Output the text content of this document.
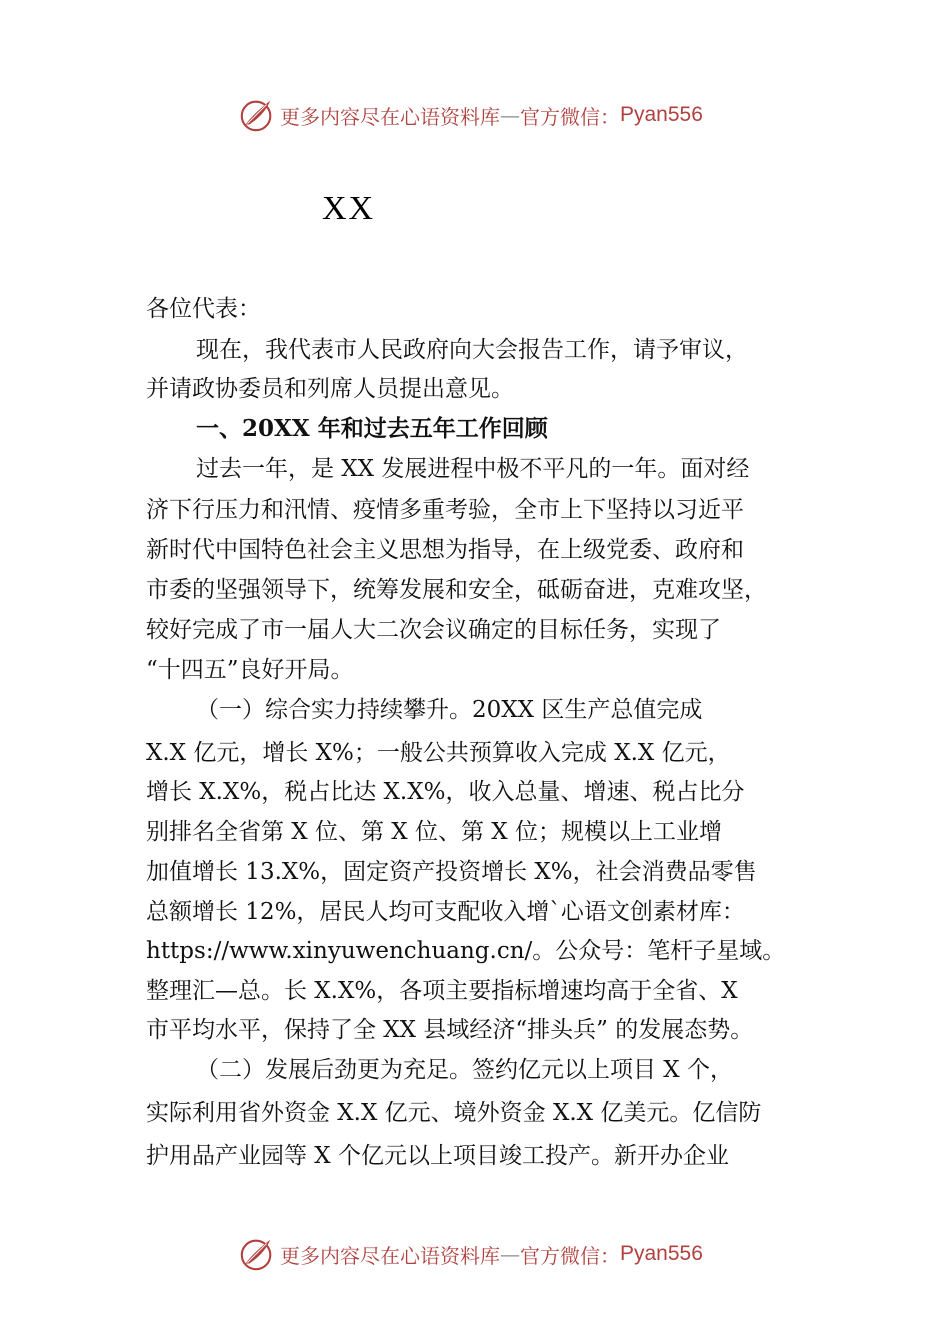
更多内容尽在心语资料库 — 官方微信： Pyan556
XX
各位代表：
现在，我代表市人民政府向大会报告工作，请予审议，
并请政协委员和列席人员提出意见。
一、20XX 年和过去五年工作回顾
过去一年，是 XX 发展进程中极不平凡的一年。面对经
济下行压力和汛情、疫情多重考验，全市上下坚持以习近平
新时代中国特色社会主义思想为指导，在上级党委、政府和
市委的坚强领导下，统筹发展和安全，砥砺奋进，克难攻坚，
较好完成了市一届人大二次会议确定的目标任务，实现了
“十四五”良好开局。
（一）综合实力持续攀升。20XX 区生产总值完成
X.X 亿元，增长 X%；一般公共预算收入完成 X.X 亿元，
增长 X.X%，税占比达 X.X%，收入总量、增速、税占比分
别排名全省第 X 位、第 X 位、第 X 位；规模以上工业增
加值增长 13.X%，固定资产投资增长 X%，社会消费品零售
总额增长 12%，居民人均可支配收入增`心语文创素材库：
https://www.xinyuwenchuang.cn/。公众号：笔杆子星域。
整理汇—总。长 X.X%，各项主要指标增速均高于全省、X
市平均水平，保持了全 XX 县域经济“排头兵” 的发展态势。
（二）发展后劲更为充足。签约亿元以上项目 X 个，
实际利用省外资金 X.X 亿元、境外资金 X.X 亿美元。亿信防
护用品产业园等 X 个亿元以上项目竣工投产。新开办企业
更多内容尽在心语资料库 — 官方微信： Pyan556
